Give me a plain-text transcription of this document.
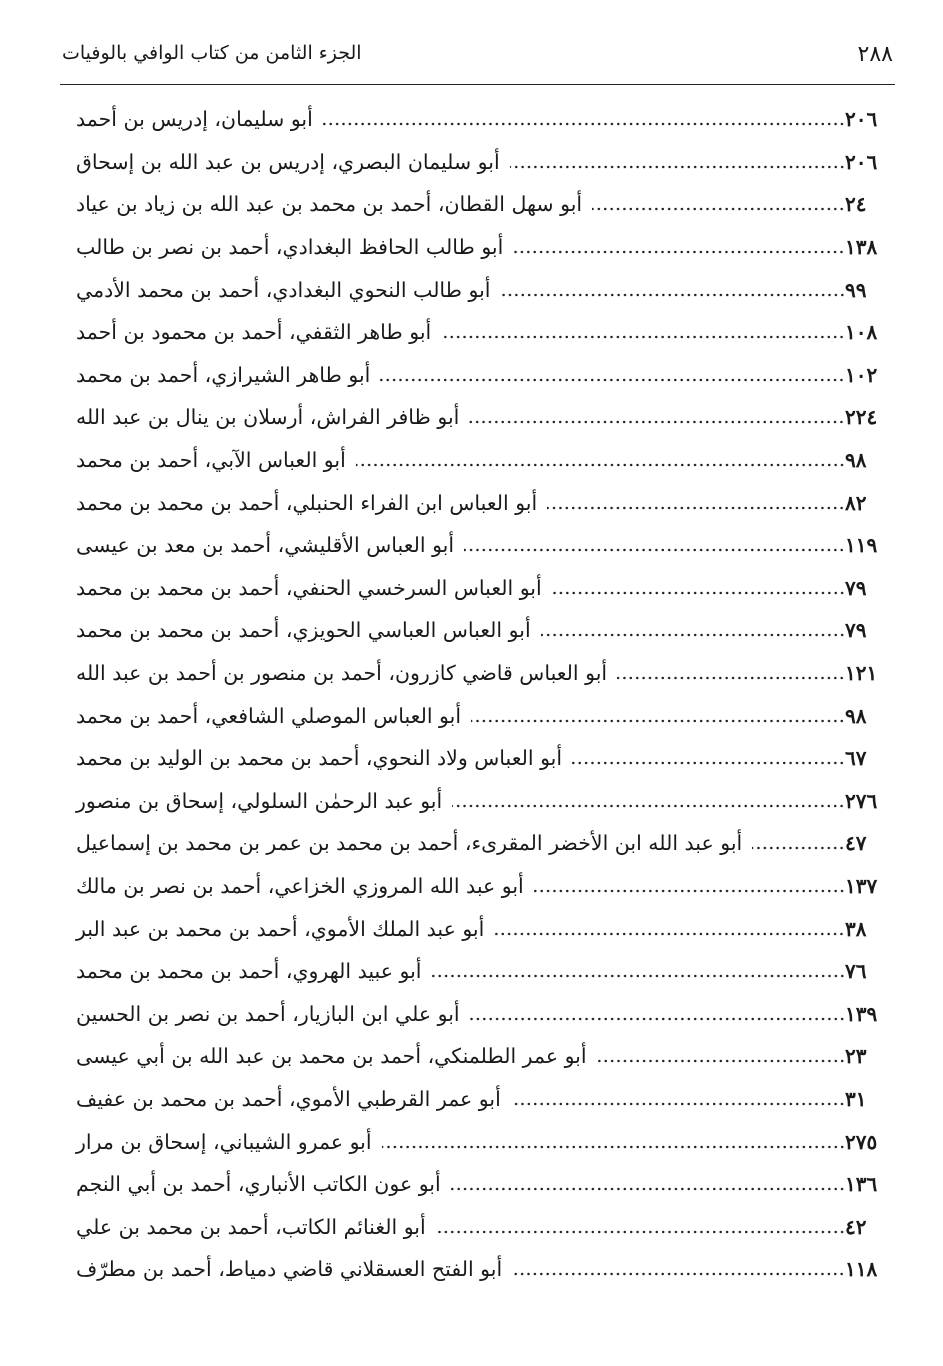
٢٨٨
الجزء الثامن من كتاب الوافي بالوفيات
أبو سليمان، إدريس بن أحمد	٢٠٦
أبو سليمان البصري، إدريس بن عبد الله بن إسحاق	٢٠٦
أبو سهل القطان، أحمد بن محمد بن عبد الله بن زياد بن عياد	٢٤
أبو طالب الحافظ البغدادي، أحمد بن نصر بن طالب	١٣٨
أبو طالب النحوي البغدادي، أحمد بن محمد الأدمي	٩٩
أبو طاهر الثقفي، أحمد بن محمود بن أحمد	١٠٨
أبو طاهر الشيرازي، أحمد بن محمد	١٠٢
أبو ظافر الفراش، أرسلان بن ينال بن عبد الله	٢٢٤
أبو العباس الآبي، أحمد بن محمد	٩٨
أبو العباس ابن الفراء الحنبلي، أحمد بن محمد بن محمد	٨٢
أبو العباس الأقليشي، أحمد بن معد بن عيسى	١١٩
أبو العباس السرخسي الحنفي، أحمد بن محمد بن محمد	٧٩
أبو العباس العباسي الحويزي، أحمد بن محمد بن محمد	٧٩
أبو العباس قاضي كازرون، أحمد بن منصور بن أحمد بن عبد الله	١٢١
أبو العباس الموصلي الشافعي، أحمد بن محمد	٩٨
أبو العباس ولاد النحوي، أحمد بن محمد بن الوليد بن محمد	٦٧
أبو عبد الرحمٰن السلولي، إسحاق بن منصور	٢٧٦
أبو عبد الله ابن الأخضر المقرىء، أحمد بن محمد بن عمر بن محمد بن إسماعيل	٤٧
أبو عبد الله المروزي الخزاعي، أحمد بن نصر بن مالك	١٣٧
أبو عبد الملك الأموي، أحمد بن محمد بن عبد البر	٣٨
أبو عبيد الهروي، أحمد بن محمد بن محمد	٧٦
أبو علي ابن البازيار، أحمد بن نصر بن الحسين	١٣٩
أبو عمر الطلمنكي، أحمد بن محمد بن عبد الله بن أبي عيسى	٢٣
أبو عمر القرطبي الأموي، أحمد بن محمد بن عفيف	٣١
أبو عمرو الشيباني، إسحاق بن مرار	٢٧٥
أبو عون الكاتب الأنباري، أحمد بن أبي النجم	١٣٦
أبو الغنائم الكاتب، أحمد بن محمد بن علي	٤٢
أبو الفتح العسقلاني قاضي دمياط، أحمد بن مطرّف	١١٨
